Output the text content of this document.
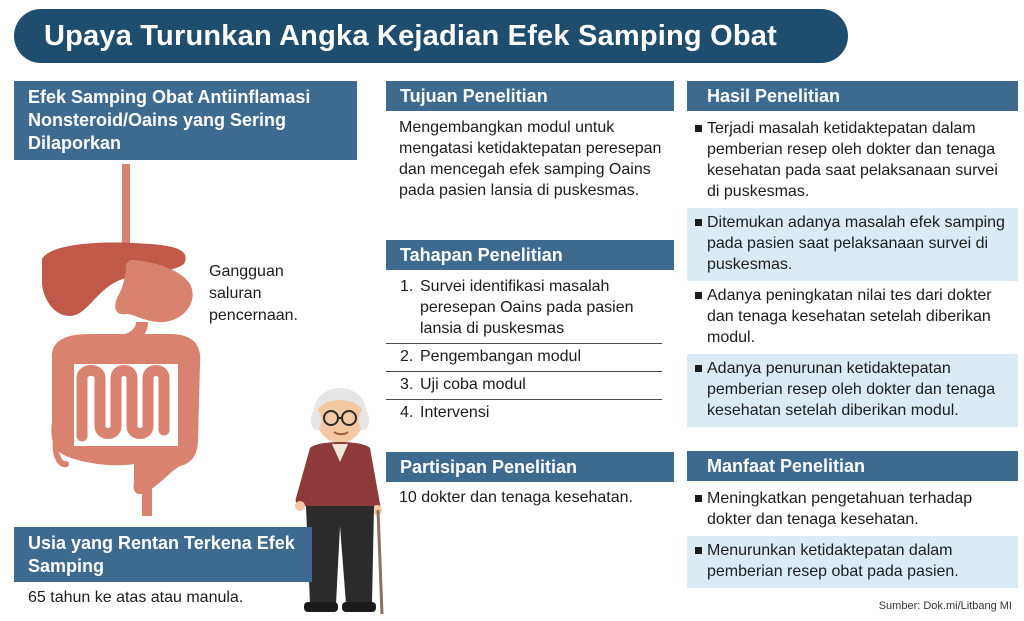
Upaya Turunkan Angka Kejadian Efek Samping Obat
Efek Samping Obat Antiinflamasi Nonsteroid/Oains yang Sering Dilaporkan
Gangguan saluran pencernaan.
Usia yang Rentan Terkena Efek Samping
65 tahun ke atas atau manula.
Tujuan Penelitian
Mengembangkan modul untuk mengatasi ketidaktepatan peresepan dan mencegah efek samping Oains pada pasien lansia di puskesmas.
Tahapan Penelitian
1. Survei identifikasi masalah peresepan Oains pada pasien lansia di puskesmas
2. Pengembangan modul
3. Uji coba modul
4. Intervensi
Partisipan Penelitian
10 dokter dan tenaga kesehatan.
Hasil Penelitian
Terjadi masalah ketidaktepatan dalam pemberian resep oleh dokter dan tenaga kesehatan pada saat pelaksanaan survei di puskesmas.
Ditemukan adanya masalah efek samping pada pasien saat pelaksanaan survei di puskesmas.
Adanya peningkatan nilai tes dari dokter dan tenaga kesehatan setelah diberikan modul.
Adanya penurunan ketidaktepatan pemberian resep oleh dokter dan tenaga kesehatan setelah diberikan modul.
Manfaat Penelitian
Meningkatkan pengetahuan terhadap dokter dan tenaga kesehatan.
Menurunkan ketidaktepatan dalam pemberian resep obat pada pasien.
Sumber: Dok.mi/Litbang MI
